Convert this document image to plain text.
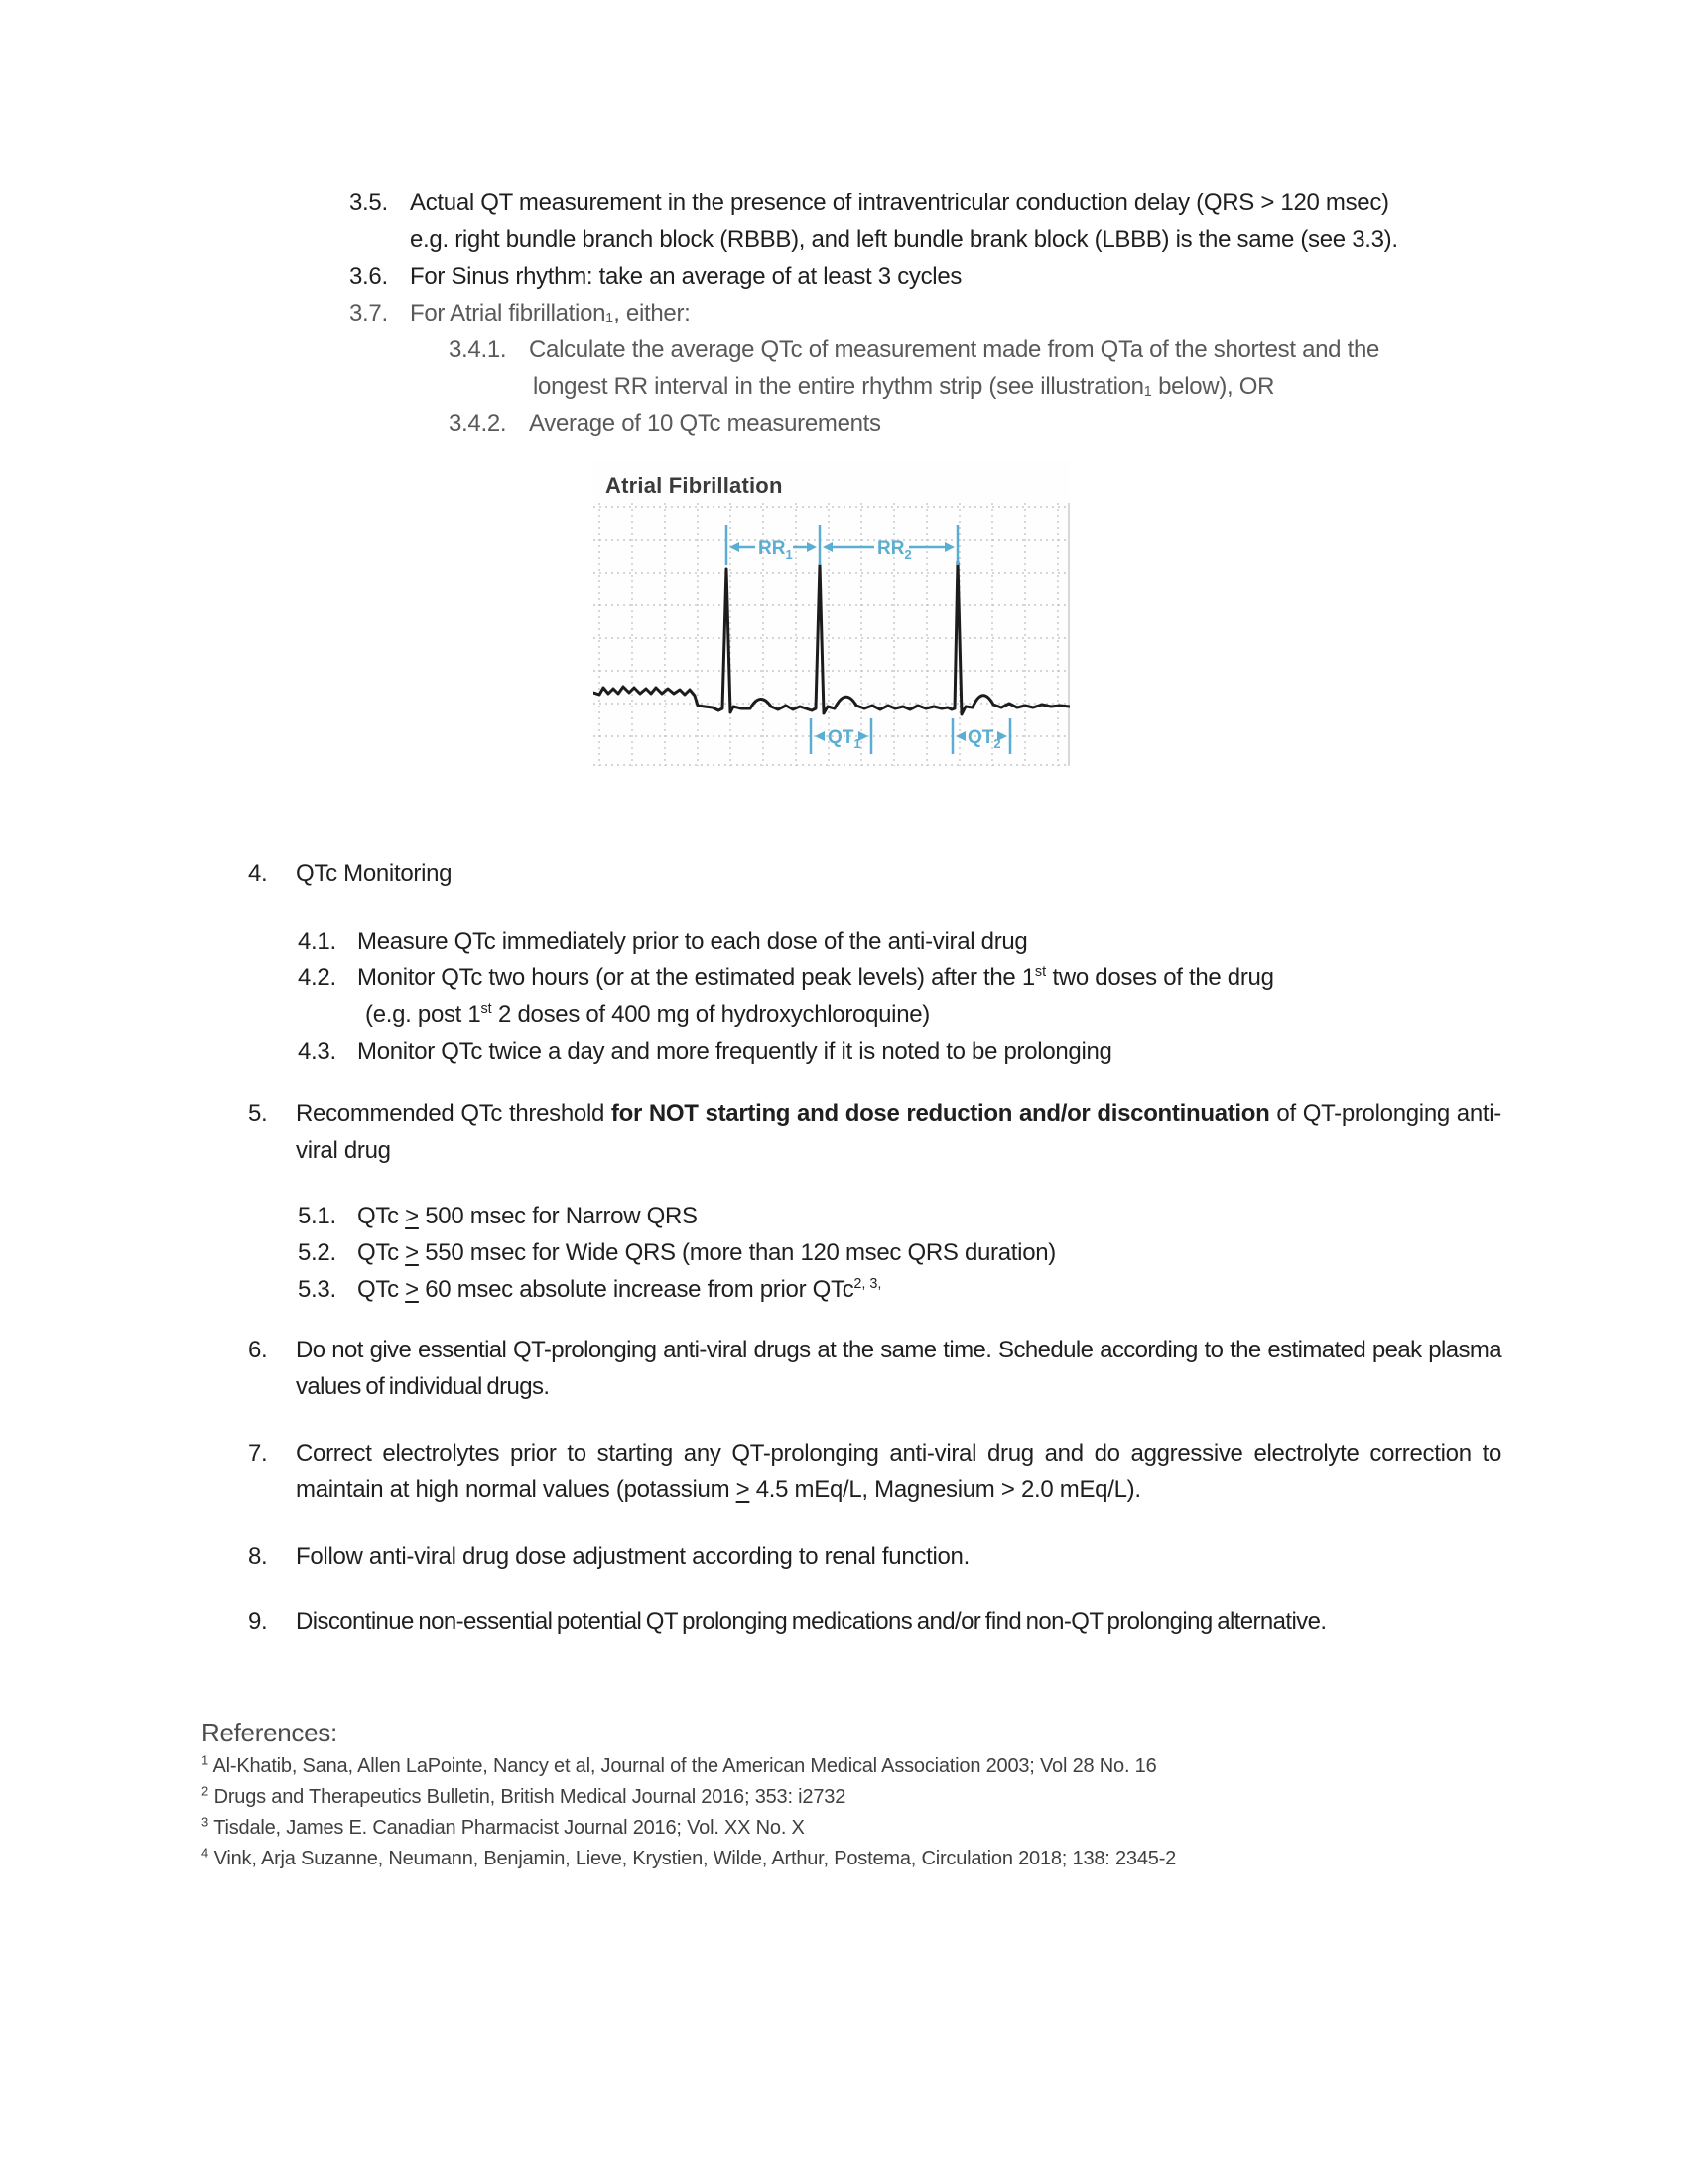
3.5. Actual QT measurement in the presence of intraventricular conduction delay (QRS > 120 msec)
e.g. right bundle branch block (RBBB), and left bundle brank block (LBBB) is the same (see 3.3).
3.6. For Sinus rhythm: take an average of at least 3 cycles
3.7. For Atrial fibrillation1, either:
3.4.1. Calculate the average QTc of measurement made from QTa of the shortest and the
longest RR interval in the entire rhythm strip (see illustration1 below), OR
3.4.2. Average of 10 QTc measurements
Atrial Fibrillation
$RR_1$	$RR_2$
$QT_1$	$QT_2$
4.	QTc Monitoring
4.1. Measure QTc immediately prior to each dose of the anti-viral drug
4.2. Monitor QTc two hours (or at the estimated peak levels) after the 1st two doses of the drug
(e.g. post 1st 2 doses of 400 mg of hydroxychloroquine)
4.3. Monitor QTc twice a day and more frequently if it is noted to be prolonging
5.	Recommended QTc threshold for NOT starting and dose reduction and/or discontinuation of QT-prolonging anti-viral drug
5.1. QTc ≥ 500 msec for Narrow QRS
5.2. QTc ≥ 550 msec for Wide QRS (more than 120 msec QRS duration)
5.3. QTc ≥ 60 msec absolute increase from prior QTc$^{2, 3,}$
6.	Do not give essential QT-prolonging anti-viral drugs at the same time. Schedule according to the estimated peak plasma values of individual drugs.
7.	Correct electrolytes prior to starting any QT-prolonging anti-viral drug and do aggressive electrolyte correction to maintain at high normal values (potassium ≥ 4.5 mEq/L, Magnesium > 2.0 mEq/L).
8.	Follow anti-viral drug dose adjustment according to renal function.
9.	Discontinue non-essential potential QT prolonging medications and/or find non-QT prolonging alternative.
References:
$^1$ Al-Khatib, Sana, Allen LaPointe, Nancy et al, Journal of the American Medical Association 2003; Vol 28 No. 16
$^2$ Drugs and Therapeutics Bulletin, British Medical Journal 2016; 353: i2732
$^3$ Tisdale, James E. Canadian Pharmacist Journal 2016; Vol. XX No. X
$^4$ Vink, Arja Suzanne, Neumann, Benjamin, Lieve, Krystien, Wilde, Arthur, Postema, Circulation 2018; 138: 2345-2
